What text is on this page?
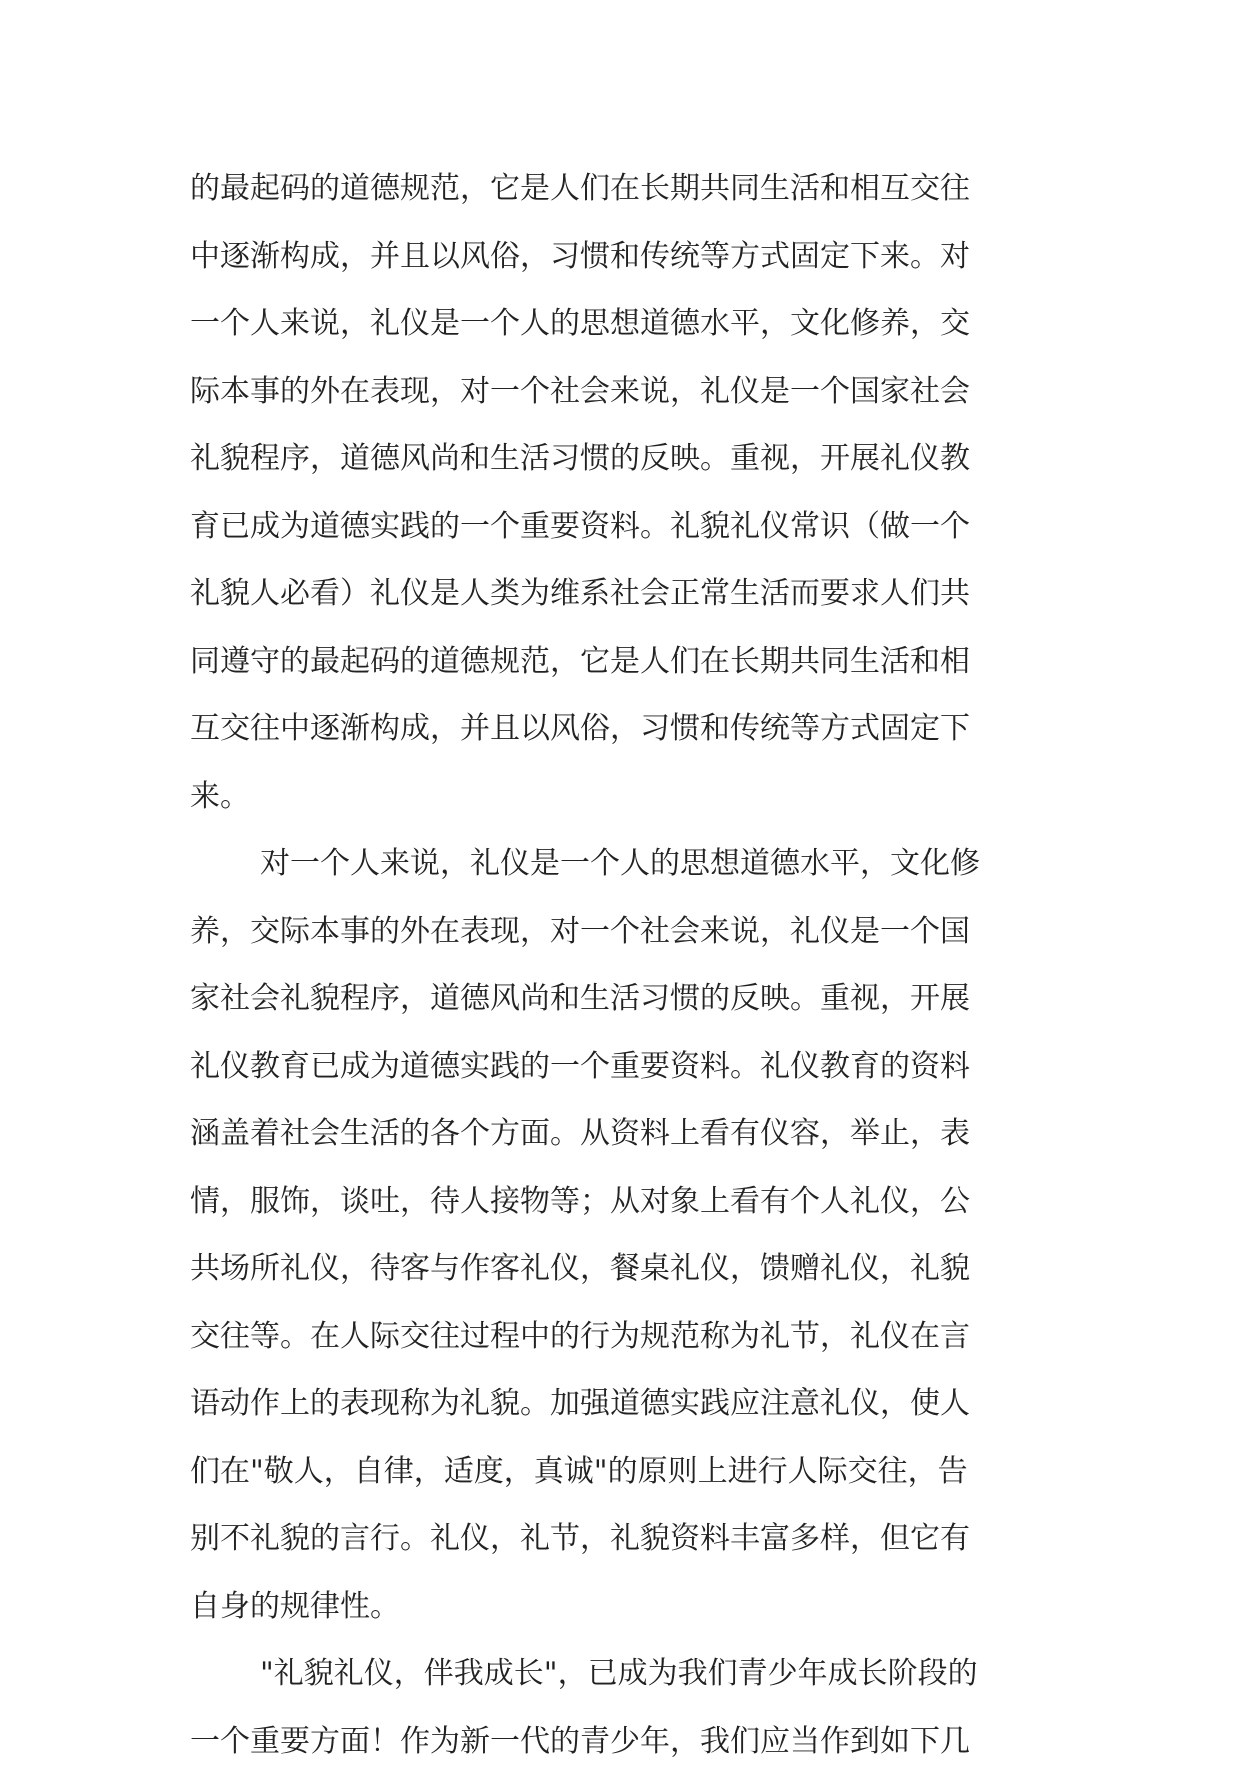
的最起码的道德规范，它是人们在长期共同生活和相互交往
中逐渐构成，并且以风俗，习惯和传统等方式固定下来。对
一个人来说，礼仪是一个人的思想道德水平，文化修养，交
际本事的外在表现，对一个社会来说，礼仪是一个国家社会
礼貌程序，道德风尚和生活习惯的反映。重视，开展礼仪教
育已成为道德实践的一个重要资料。礼貌礼仪常识（做一个
礼貌人必看）礼仪是人类为维系社会正常生活而要求人们共
同遵守的最起码的道德规范，它是人们在长期共同生活和相
互交往中逐渐构成，并且以风俗，习惯和传统等方式固定下
来。
对一个人来说，礼仪是一个人的思想道德水平，文化修
养，交际本事的外在表现，对一个社会来说，礼仪是一个国
家社会礼貌程序，道德风尚和生活习惯的反映。重视，开展
礼仪教育已成为道德实践的一个重要资料。礼仪教育的资料
涵盖着社会生活的各个方面。从资料上看有仪容，举止，表
情，服饰，谈吐，待人接物等；从对象上看有个人礼仪，公
共场所礼仪，待客与作客礼仪，餐桌礼仪，馈赠礼仪，礼貌
交往等。在人际交往过程中的行为规范称为礼节，礼仪在言
语动作上的表现称为礼貌。加强道德实践应注意礼仪，使人
们在"敬人，自律，适度，真诚"的原则上进行人际交往，告
别不礼貌的言行。礼仪，礼节，礼貌资料丰富多样，但它有
自身的规律性。
"礼貌礼仪，伴我成长"，已成为我们青少年成长阶段的
一个重要方面！作为新一代的青少年，我们应当作到如下几
